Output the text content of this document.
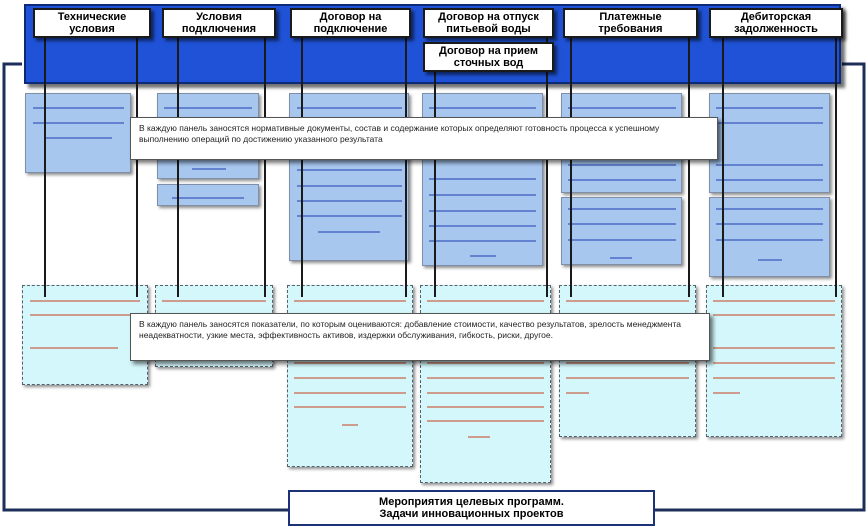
Технические условия
Условия подключения
Договор на подключение
Договор на отпуск питьевой воды
Платежные требования
Дебиторская задолженность
Договор на прием сточных вод
В каждую панель заносятся нормативные документы, состав и содержание которых определяют готовность процесса к успешному выполнению операций по достижению указанного результата
В каждую панель заносятся показатели, по которым оцениваются: добавление стоимости, качество результатов, зрелость менеджмента неадекватности, узкие места, эффективность активов, издержки обслуживания, гибкость, риски, другое.
Мероприятия целевых программ.
Задачи инновационных проектов
